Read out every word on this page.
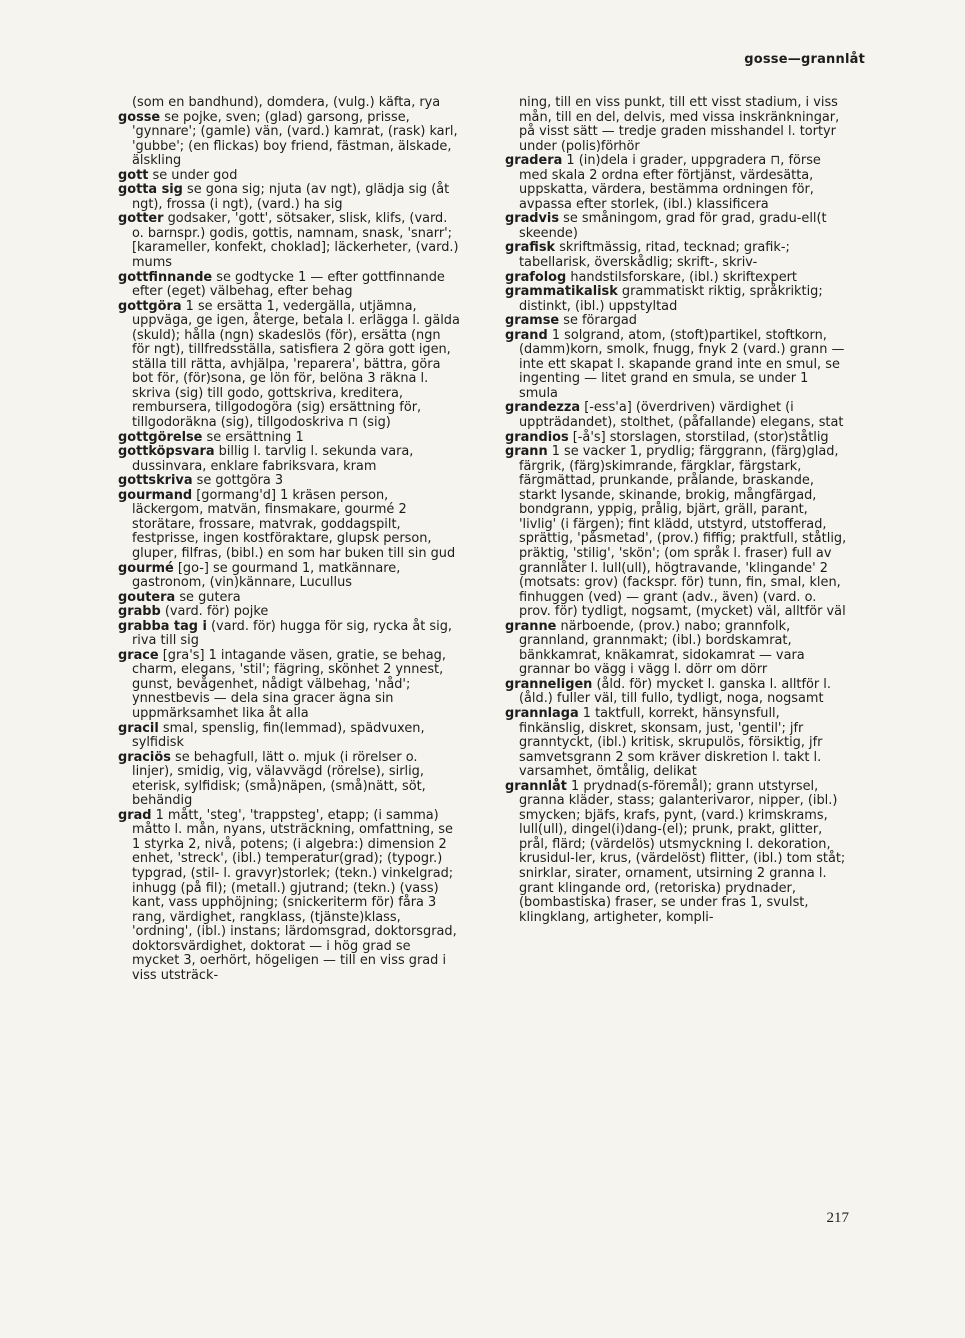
gosse—grannlåt

(som en bandhund), domdera, (vulg.) käfta, rya

gosse se pojke, sven; (glad) garsong, prisse, 'gynnare'; (gamle) vän, (vard.) kamrat, (rask) karl, 'gubbe'; (en flickas) boy friend, fästman, älskade, älskling

gott se under god

gotta sig se gona sig; njuta (av ngt), glädja sig (åt ngt), frossa (i ngt), (vard.) ha sig

gotter godsaker, 'gott', sötsaker, slisk, klifs, (vard. o. barnspr.) godis, gottis, namnam, snask, 'snarr'; [karameller, konfekt, choklad]; läckerheter, (vard.) mums

gottfinnande se godtycke 1 — efter gottfinnande efter (eget) välbehag, efter behag

gottgöra 1 se ersätta 1, vedergälla, utjämna, uppväga, ge igen, återge, betala l. erlägga l. gälda (skuld); hålla (ngn) skadeslös (för), ersätta (ngn för ngt), tillfredsställa, satisfiera 2 göra gott igen, ställa till rätta, avhjälpa, 'reparera', bättra, göra bot för, (för)sona, ge lön för, belöna 3 räkna l. skriva (sig) till godo, gottskriva, kreditera, rembursera, tillgodogöra (sig) ersättning för, tillgodoräkna (sig), tillgodoskriva ⊓ (sig)

gottgörelse se ersättning 1

gottköpsvara billig l. tarvlig l. sekunda vara, dussinvara, enklare fabriksvara, kram

gottskriva se gottgöra 3

gourmand [gormang'd] 1 kräsen person, läckergom, matvän, finsmakare, gourmé 2 storätare, frossare, matvrak, goddagspilt, festprisse, ingen kostföraktare, glupsk person, gluper, filfras, (bibl.) en som har buken till sin gud

gourmé [go-] se gourmand 1, matkännare, gastronom, (vin)kännare, Lucullus

goutera se gutera

grabb (vard. för) pojke

grabba tag i (vard. för) hugga för sig, rycka åt sig, riva till sig

grace [gra's] 1 intagande väsen, gratie, se behag, charm, elegans, 'stil'; fägring, skönhet 2 ynnest, gunst, bevågenhet, nådigt välbehag, 'nåd'; ynnestbevis — dela sina gracer ägna sin uppmärksamhet lika åt alla

gracil smal, spenslig, fin(lemmad), spädvuxen, sylfidisk

graciös se behagfull, lätt o. mjuk (i rörelser o. linjer), smidig, vig, välavvägd (rörelse), sirlig, eterisk, sylfidisk; (små)näpen, (små)nätt, söt, behändig

grad 1 mått, 'steg', 'trappsteg', etapp; (i samma) måtto l. mån, nyans, utsträckning, omfattning, se 1 styrka 2, nivå, potens; (i algebra:) dimension 2 enhet, 'streck', (ibl.) temperatur(grad); (typogr.) typgrad, (stil- l. gravyr)storlek; (tekn.) vinkelgrad; inhugg (på fil); (metall.) gjutrand; (tekn.) (vass) kant, vass upphöjning; (snickeriterm för) fåra 3 rang, värdighet, rangklass, (tjänste)klass, 'ordning', (ibl.) instans; lärdomsgrad, doktorsgrad, doktorsvärdighet, doktorat — i hög grad se mycket 3, oerhört, högeligen — till en viss grad i viss utsträck-

ning, till en viss punkt, till ett visst stadium, i viss mån, till en del, delvis, med vissa inskränkningar, på visst sätt — tredje graden misshandel l. tortyr under (polis)förhör

gradera 1 (in)dela i grader, uppgradera ⊓, förse med skala 2 ordna efter förtjänst, värdesätta, uppskatta, värdera, bestämma ordningen för, avpassa efter storlek, (ibl.) klassificera

gradvis se småningom, grad för grad, gradu-ell(t skeende)

grafisk skriftmässig, ritad, tecknad; grafik-; tabellarisk, överskådlig; skrift-, skriv-

grafolog handstilsforskare, (ibl.) skriftexpert

grammatikalisk grammatiskt riktig, språkriktig; distinkt, (ibl.) uppstyltad

gramse se förargad

grand 1 solgrand, atom, (stoft)partikel, stoftkorn, (damm)korn, smolk, fnugg, fnyk 2 (vard.) grann — inte ett skapat l. skapande grand inte en smul, se ingenting — litet grand en smula, se under 1 smula

grandezza [-ess'a] (överdriven) värdighet (i uppträdandet), stolthet, (påfallande) elegans, stat

grandios [-å's] storslagen, storstilad, (stor)ståtlig

grann 1 se vacker 1, prydlig; färggrann, (färg)glad, färgrik, (färg)skimrande, färgklar, färgstark, färgmättad, prunkande, prålande, braskande, starkt lysande, skinande, brokig, mångfärgad, bondgrann, yppig, prålig, bjärt, gräll, parant, 'livlig' (i färgen); fint klädd, utstyrd, utstofferad, sprättig, 'påsmetad', (prov.) fiffig; praktfull, ståtlig, präktig, 'stilig', 'skön'; (om språk l. fraser) full av grannlåter l. lull(ull), högtravande, 'klingande' 2 (motsats: grov) (fackspr. för) tunn, fin, smal, klen, finhuggen (ved) — grant (adv., även) (vard. o. prov. för) tydligt, nogsamt, (mycket) väl, alltför väl

granne närboende, (prov.) nabo; grannfolk, grannland, grannmakt; (ibl.) bordskamrat, bänkkamrat, knäkamrat, sidokamrat — vara grannar bo vägg i vägg l. dörr om dörr

granneligen (åld. för) mycket l. ganska l. alltför l. (åld.) fuller väl, till fullo, tydligt, noga, nogsamt

grannlaga 1 taktfull, korrekt, hänsynsfull, finkänslig, diskret, skonsam, just, 'gentil'; jfr granntyckt, (ibl.) kritisk, skrupulös, försiktig, jfr samvetsgrann 2 som kräver diskretion l. takt l. varsamhet, ömtålig, delikat

grannlåt 1 prydnad(s-föremål); grann utstyrsel, granna kläder, stass; galanterivaror, nipper, (ibl.) smycken; bjäfs, krafs, pynt, (vard.) krimskrams, lull(ull), dingel(i)dang-(el); prunk, prakt, glitter, prål, flärd; (värdelös) utsmyckning l. dekoration, krusidul-ler, krus, (värdelöst) flitter, (ibl.) tom ståt; snirklar, sirater, ornament, utsirning 2 granna l. grant klingande ord, (retoriska) prydnader, (bombastiska) fraser, se under fras 1, svulst, klingklang, artigheter, kompli-

217
